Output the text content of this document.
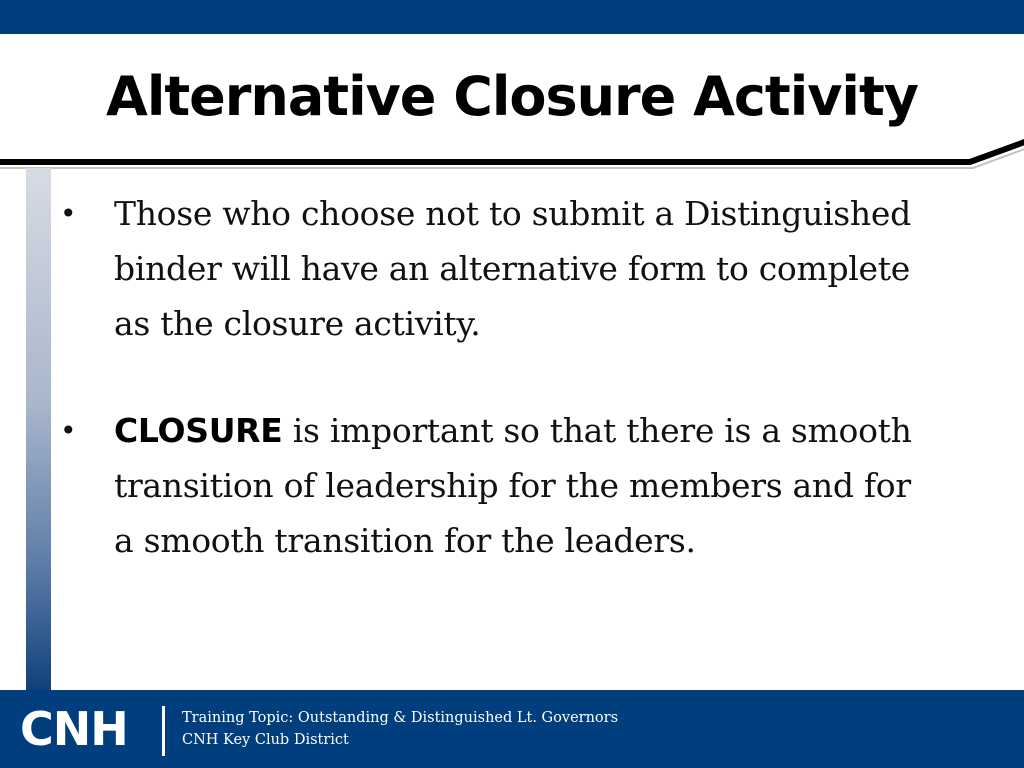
Alternative Closure Activity
• Those who choose not to submit a Distinguished binder will have an alternative form to complete as the closure activity.
• CLOSURE is important so that there is a smooth transition of leadership for the members and for a smooth transition for the leaders.
CNH	Training Topic: Outstanding & Distinguished Lt. Governors
CNH Key Club District
